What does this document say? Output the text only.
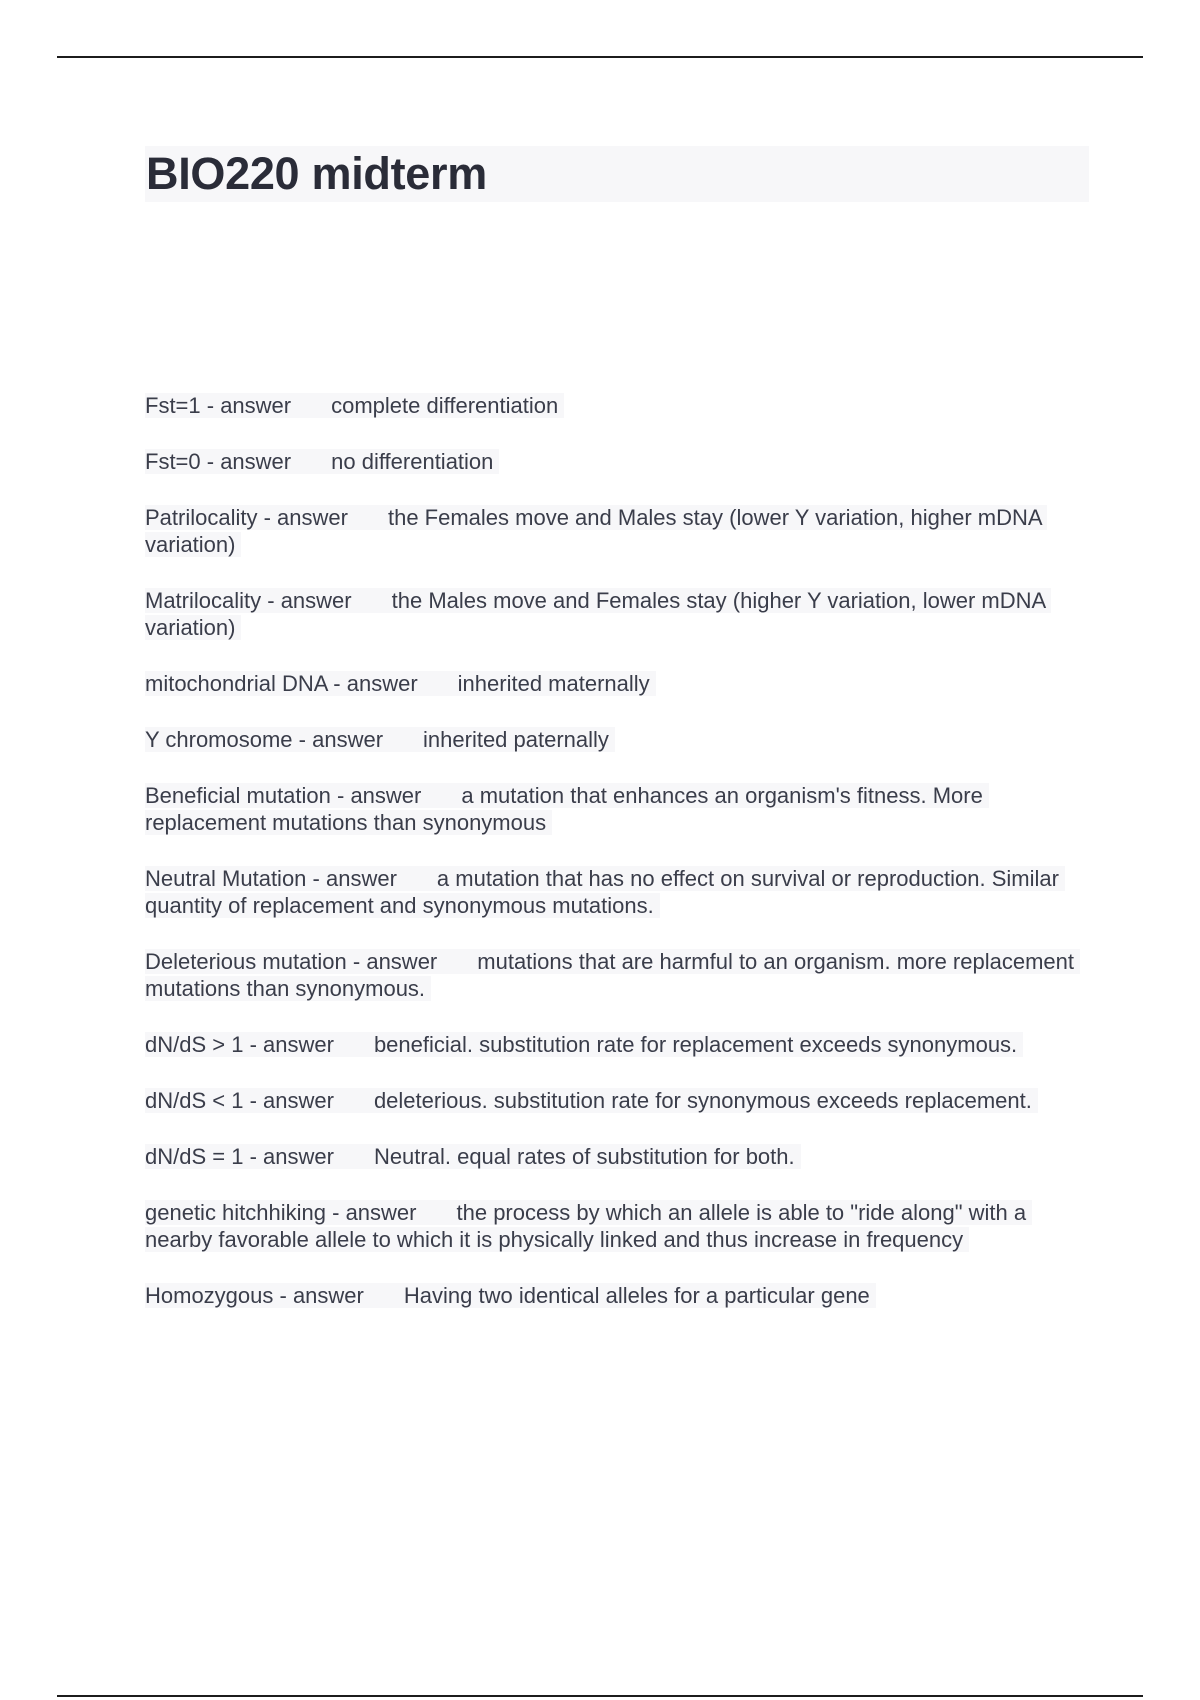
BIO220 midterm
Fst=1 - answer complete differentiation
Fst=0 - answer no differentiation
Patrilocality - answer the Females move and Males stay (lower Y variation, higher mDNA variation)
Matrilocality - answer the Males move and Females stay (higher Y variation, lower mDNA variation)
mitochondrial DNA - answer inherited maternally
Y chromosome - answer inherited paternally
Beneficial mutation - answer a mutation that enhances an organism's fitness. More replacement mutations than synonymous
Neutral Mutation - answer a mutation that has no effect on survival or reproduction. Similar quantity of replacement and synonymous mutations.
Deleterious mutation - answer mutations that are harmful to an organism. more replacement mutations than synonymous.
dN/dS > 1 - answer beneficial. substitution rate for replacement exceeds synonymous.
dN/dS < 1 - answer deleterious. substitution rate for synonymous exceeds replacement.
dN/dS = 1 - answer Neutral. equal rates of substitution for both.
genetic hitchhiking - answer the process by which an allele is able to "ride along" with a nearby favorable allele to which it is physically linked and thus increase in frequency
Homozygous - answer Having two identical alleles for a particular gene
